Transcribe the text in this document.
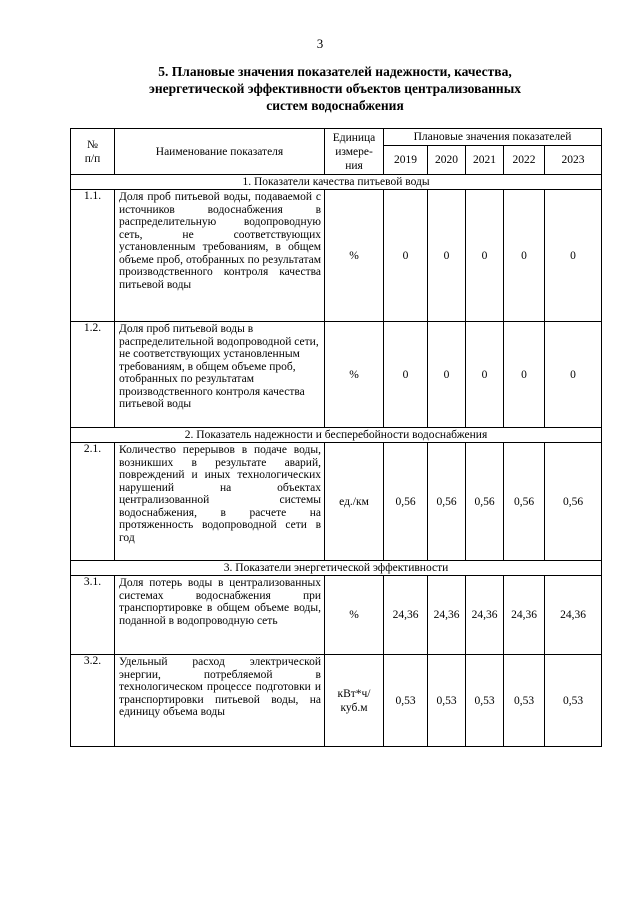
3
5. Плановые значения показателей надежности, качества,
энергетической эффективности объектов централизованных
систем водоснабжения
№
п/п	Наименование показателя	Единица
измере-
ния	Плановые значения показателей				
			2019	2020	2021	2022	2023
1. Показатели качества питьевой воды							
1.1.	Доля проб питьевой воды, подаваемой с источников водоснабжения в распределительную водопроводную сеть, не соответствующих установленным требованиям, в общем объеме проб, отобранных по результатам производственного контроля качества питьевой воды	%	0	0	0	0	0
1.2.	Доля проб питьевой воды в распределительной водопроводной сети, не соответствующих установленным требованиям, в общем объеме проб, отобранных по результатам производственного контроля качества питьевой воды	%	0	0	0	0	0
2. Показатель надежности и бесперебойности водоснабжения							
2.1.	Количество перерывов в подаче воды, возникших в результате аварий, повреждений и иных технологических нарушений на объектах централизованной системы водоснабжения, в расчете на протяженность водопроводной сети в год	ед./км	0,56	0,56	0,56	0,56	0,56
3. Показатели энергетической эффективности							
3.1.	Доля потерь воды в централизованных системах водоснабжения при транспортировке в общем объеме воды, поданной в водопроводную сеть	%	24,36	24,36	24,36	24,36	24,36
3.2.	Удельный расход электрической энергии, потребляемой в технологическом процессе подготовки и транспортировки питьевой воды, на единицу объема воды	кВт*ч/
куб.м	0,53	0,53	0,53	0,53	0,53
